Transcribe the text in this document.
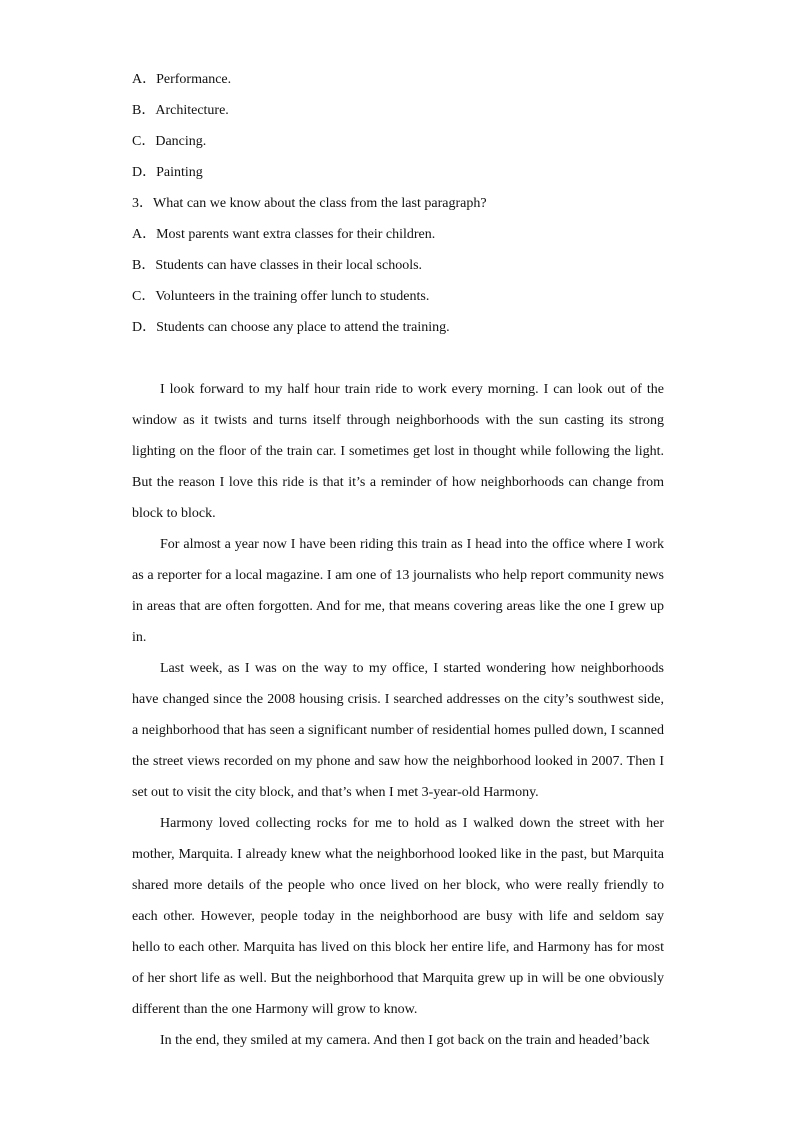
A．Performance.
B．Architecture.
C．Dancing.
D．Painting
3．What can we know about the class from the last paragraph?
A．Most parents want extra classes for their children.
B．Students can have classes in their local schools.
C．Volunteers in the training offer lunch to students.
D．Students can choose any place to attend the training.

I look forward to my half hour train ride to work every morning. I can look out of the window as it twists and turns itself through neighborhoods with the sun casting its strong lighting on the floor of the train car. I sometimes get lost in thought while following the light. But the reason I love this ride is that it’s a reminder of how neighborhoods can change from block to block.

For almost a year now I have been riding this train as I head into the office where I work as a reporter for a local magazine. I am one of 13 journalists who help report community news in areas that are often forgotten. And for me, that means covering areas like the one I grew up in.

Last week, as I was on the way to my office, I started wondering how neighborhoods have changed since the 2008 housing crisis. I searched addresses on the city’s southwest side, a neighborhood that has seen a significant number of residential homes pulled down, I scanned the street views recorded on my phone and saw how the neighborhood looked in 2007. Then I set out to visit the city block, and that’s when I met 3-year-old Harmony.

Harmony loved collecting rocks for me to hold as I walked down the street with her mother, Marquita. I already knew what the neighborhood looked like in the past, but Marquita shared more details of the people who once lived on her block, who were really friendly to each other. However, people today in the neighborhood are busy with life and seldom say hello to each other. Marquita has lived on this block her entire life, and Harmony has for most of her short life as well. But the neighborhood that Marquita grew up in will be one obviously different than the one Harmony will grow to know.

In the end, they smiled at my camera. And then I got back on the train and headed’back
